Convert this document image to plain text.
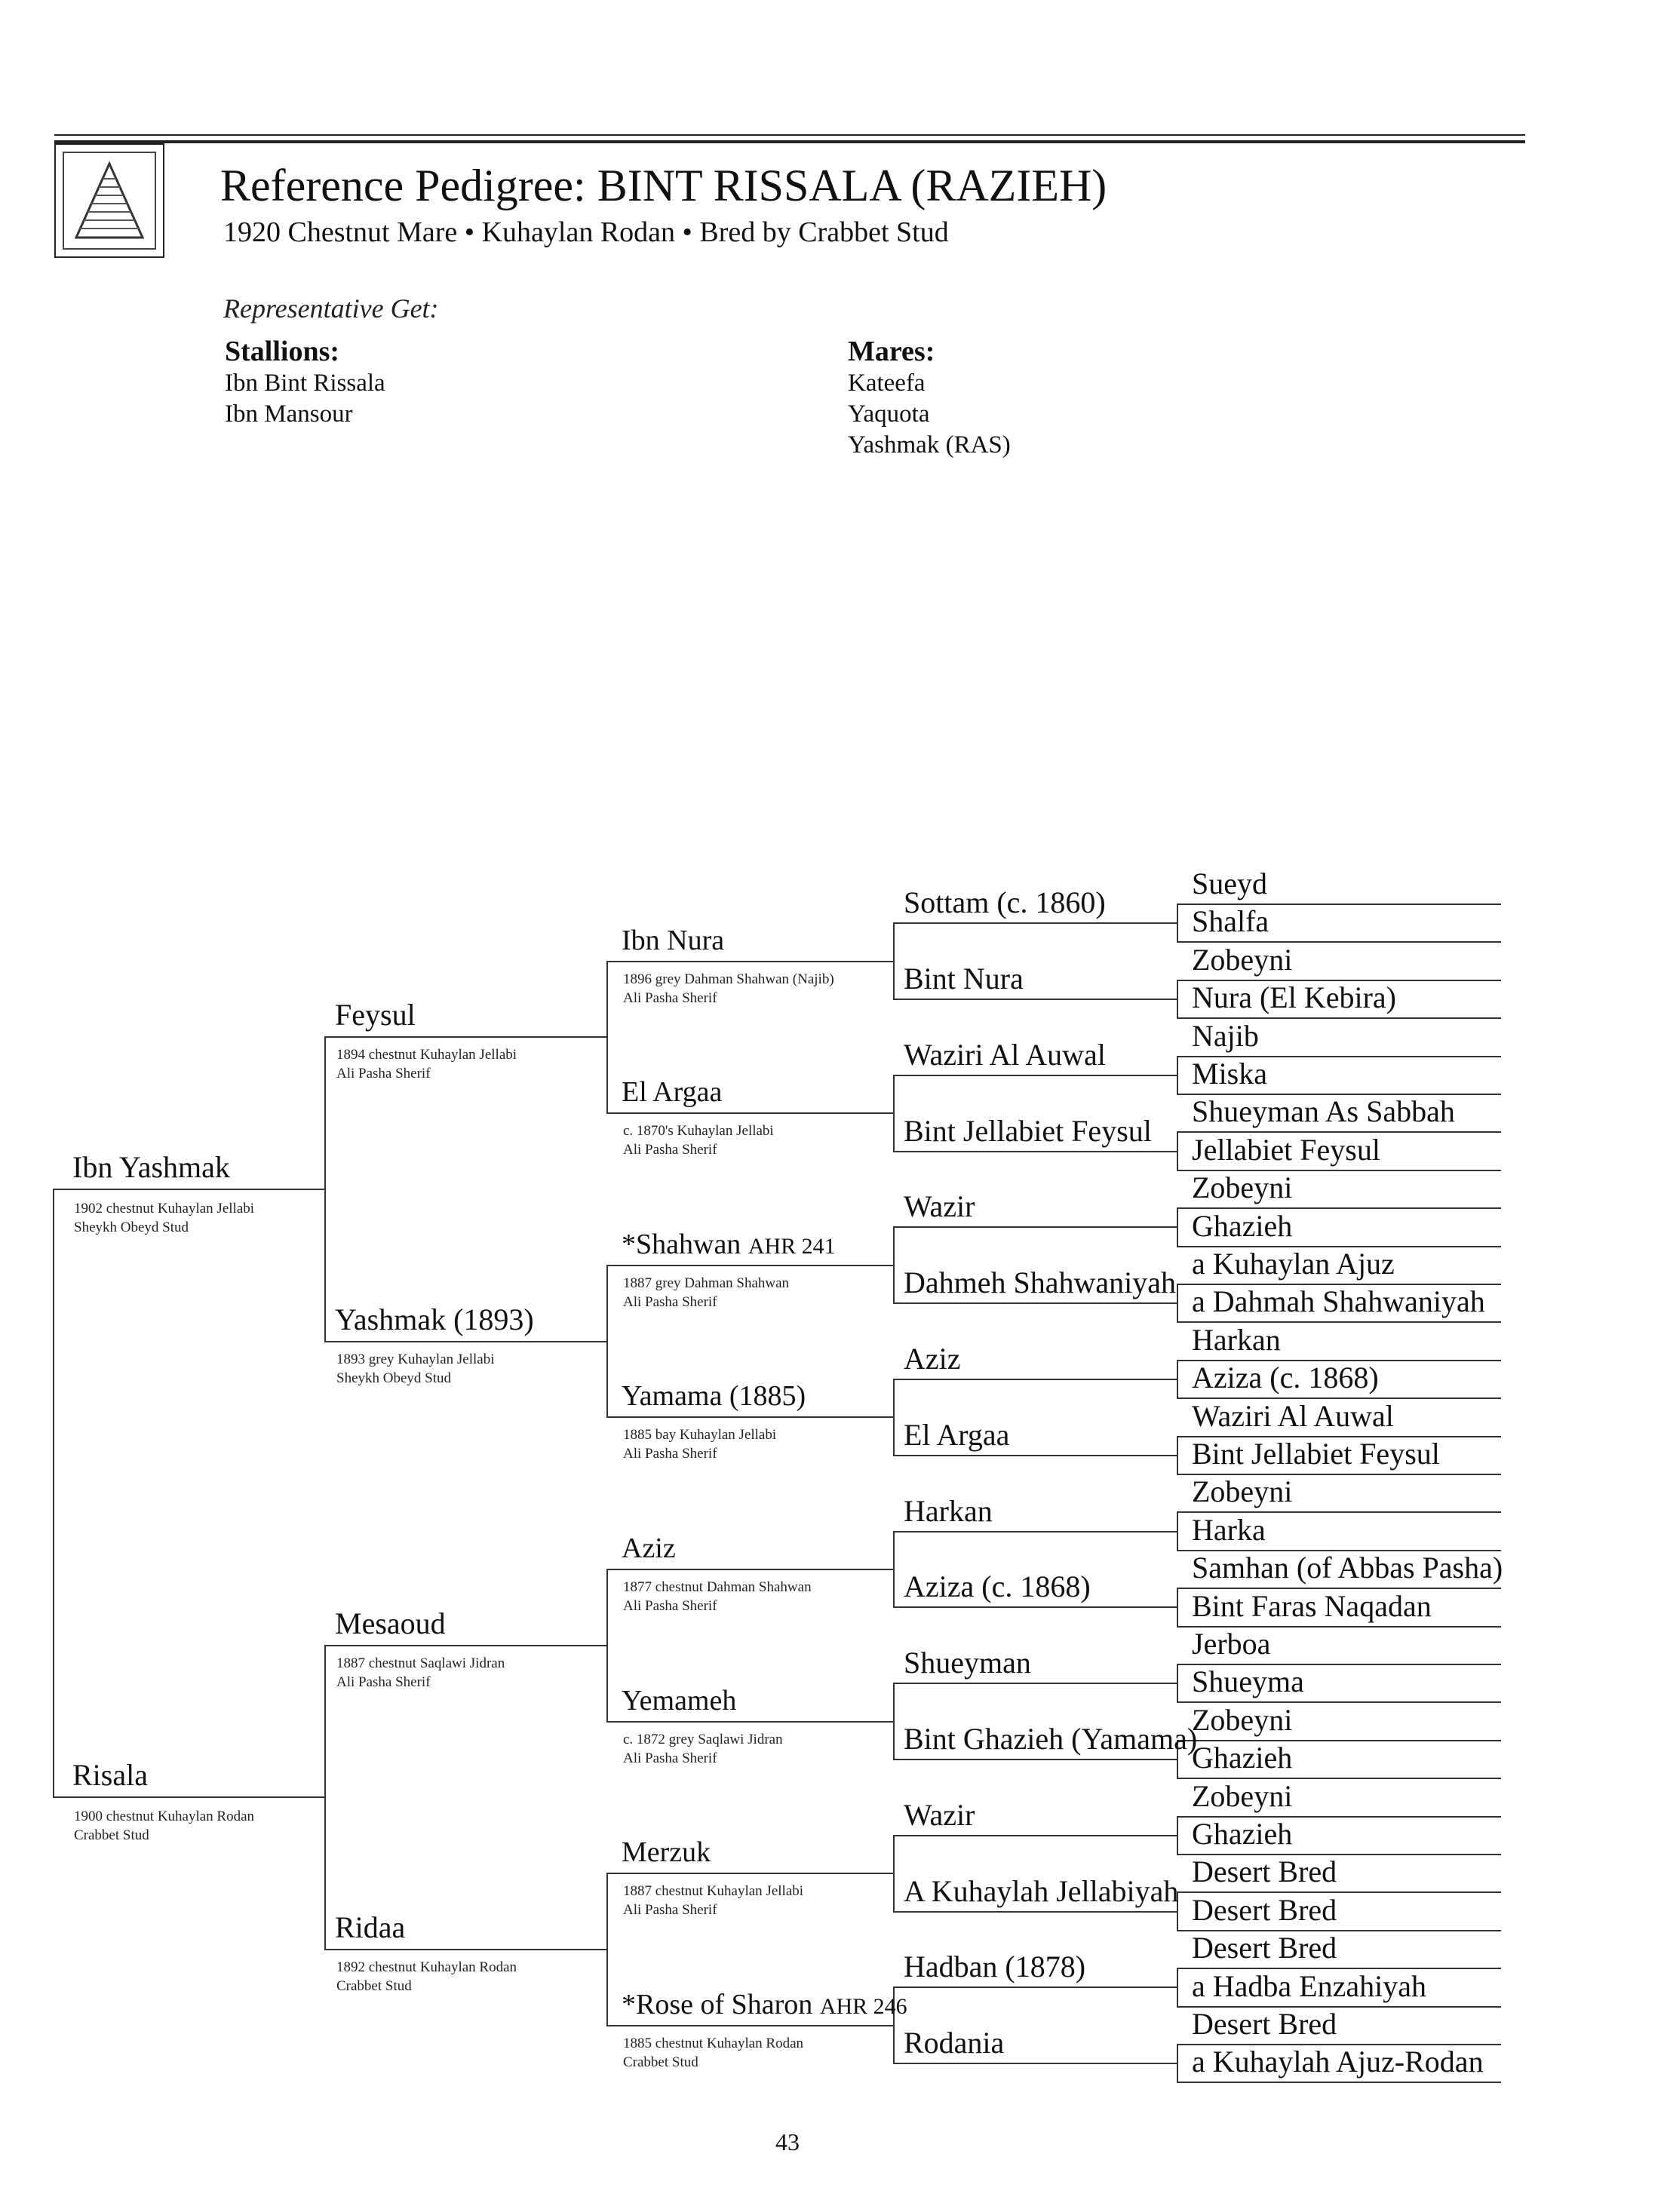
Reference Pedigree: BINT RISSALA (RAZIEH)
1920 Chestnut Mare • Kuhaylan Rodan • Bred by Crabbet Stud
Representative Get:
Stallions:
Ibn Bint Rissala
Ibn Mansour
Mares:
Kateefa
Yaquota
Yashmak (RAS)
Sueyd
Shalfa
Zobeyni
Nura (El Kebira)
Najib
Miska
Shueyman As Sabbah
Jellabiet Feysul
Zobeyni
Ghazieh
a Kuhaylan Ajuz
a Dahmah Shahwaniyah
Harkan
Aziza (c. 1868)
Waziri Al Auwal
Bint Jellabiet Feysul
Zobeyni
Harka
Samhan (of Abbas Pasha)
Bint Faras Naqadan
Jerboa
Shueyma
Zobeyni
Ghazieh
Zobeyni
Ghazieh
Desert Bred
Desert Bred
Desert Bred
a Hadba Enzahiyah
Desert Bred
a Kuhaylah Ajuz-Rodan
Sottam (c. 1860)
Bint Nura
Waziri Al Auwal
Bint Jellabiet Feysul
Wazir
Dahmeh Shahwaniyah
Aziz
El Argaa
Harkan
Aziza (c. 1868)
Shueyman
Bint Ghazieh (Yamama)
Wazir
A Kuhaylah Jellabiyah
Hadban (1878)
Rodania
Ibn Nura
1896 grey Dahman Shahwan (Najib)
Ali Pasha Sherif
El Argaa
c. 1870's Kuhaylan Jellabi
Ali Pasha Sherif
*Shahwan AHR 241
1887 grey Dahman Shahwan
Ali Pasha Sherif
Yamama (1885)
1885 bay Kuhaylan Jellabi
Ali Pasha Sherif
Aziz
1877 chestnut Dahman Shahwan
Ali Pasha Sherif
Yemameh
c. 1872 grey Saqlawi Jidran
Ali Pasha Sherif
Merzuk
1887 chestnut Kuhaylan Jellabi
Ali Pasha Sherif
*Rose of Sharon AHR 246
1885 chestnut Kuhaylan Rodan
Crabbet Stud
Feysul
1894 chestnut Kuhaylan Jellabi
Ali Pasha Sherif
Yashmak (1893)
1893 grey Kuhaylan Jellabi
Sheykh Obeyd Stud
Mesaoud
1887 chestnut Saqlawi Jidran
Ali Pasha Sherif
Ridaa
1892 chestnut Kuhaylan Rodan
Crabbet Stud
Ibn Yashmak
1902 chestnut Kuhaylan Jellabi
Sheykh Obeyd Stud
Risala
1900 chestnut Kuhaylan Rodan
Crabbet Stud
43
